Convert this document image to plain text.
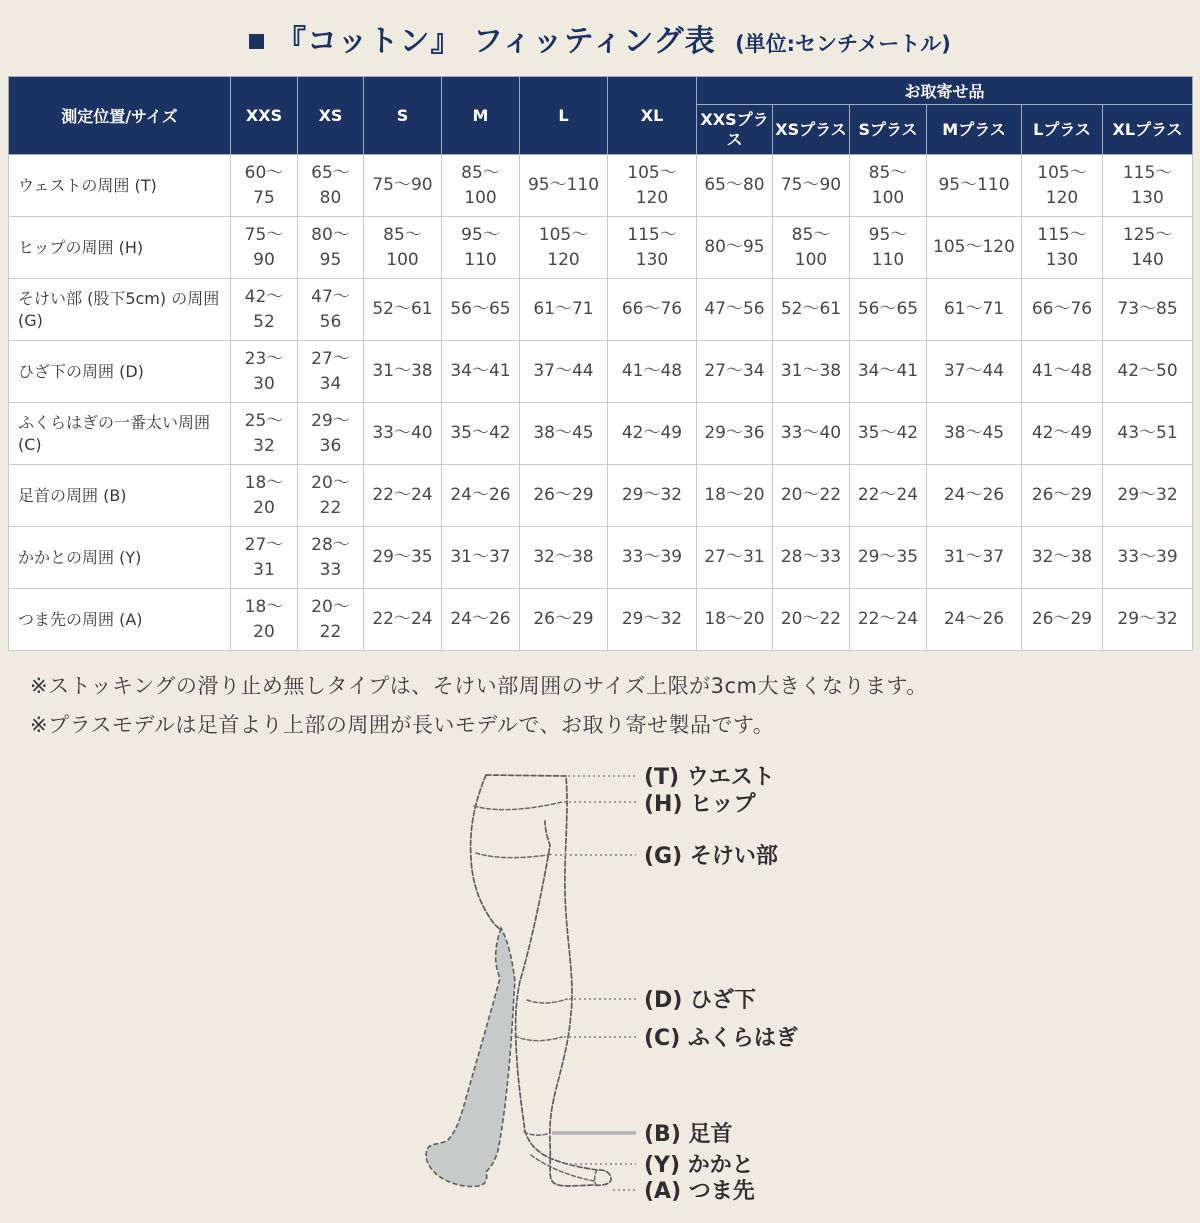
『コットン』 フィッティング表 (単位:センチメートル)
測定位置/サイズ	XXS	XS	S	M	L	XL	お取寄せ品					
							XXSプラス	XSプラス	Sプラス	Mプラス	Lプラス	XLプラス
ウェストの周囲 (T)	60～75	65～80	75～90	85～100	95～110	105～120	65～80	75～90	85～100	95～110	105～120	115～130
ヒップの周囲 (H)	75～90	80～95	85～100	95～110	105～120	115～130	80～95	85～100	95～110	105～120	115～130	125～140
そけい部 (股下5cm) の周囲 (G)	42～52	47～56	52～61	56～65	61～71	66～76	47～56	52～61	56～65	61～71	66～76	73～85
ひざ下の周囲 (D)	23～30	27～34	31～38	34～41	37～44	41～48	27～34	31～38	34～41	37～44	41～48	42～50
ふくらはぎの一番太い周囲 (C)	25～32	29～36	33～40	35～42	38～45	42～49	29～36	33～40	35～42	38～45	42～49	43～51
足首の周囲 (B)	18～20	20～22	22～24	24～26	26～29	29～32	18～20	20～22	22～24	24～26	26～29	29～32
かかとの周囲 (Y)	27～31	28～33	29～35	31～37	32～38	33～39	27～31	28～33	29～35	31～37	32～38	33～39
つま先の周囲 (A)	18～20	20～22	22～24	24～26	26～29	29～32	18～20	20～22	22～24	24～26	26～29	29～32

※ストッキングの滑り止め無しタイプは、そけい部周囲のサイズ上限が3cm大きくなります。

※プラスモデルは足首より上部の周囲が長いモデルで、お取り寄せ製品です。

(T) ウエスト
(H) ヒップ
(G) そけい部
(D) ひざ下
(C) ふくらはぎ
(B) 足首
(Y) かかと
(A) つま先
